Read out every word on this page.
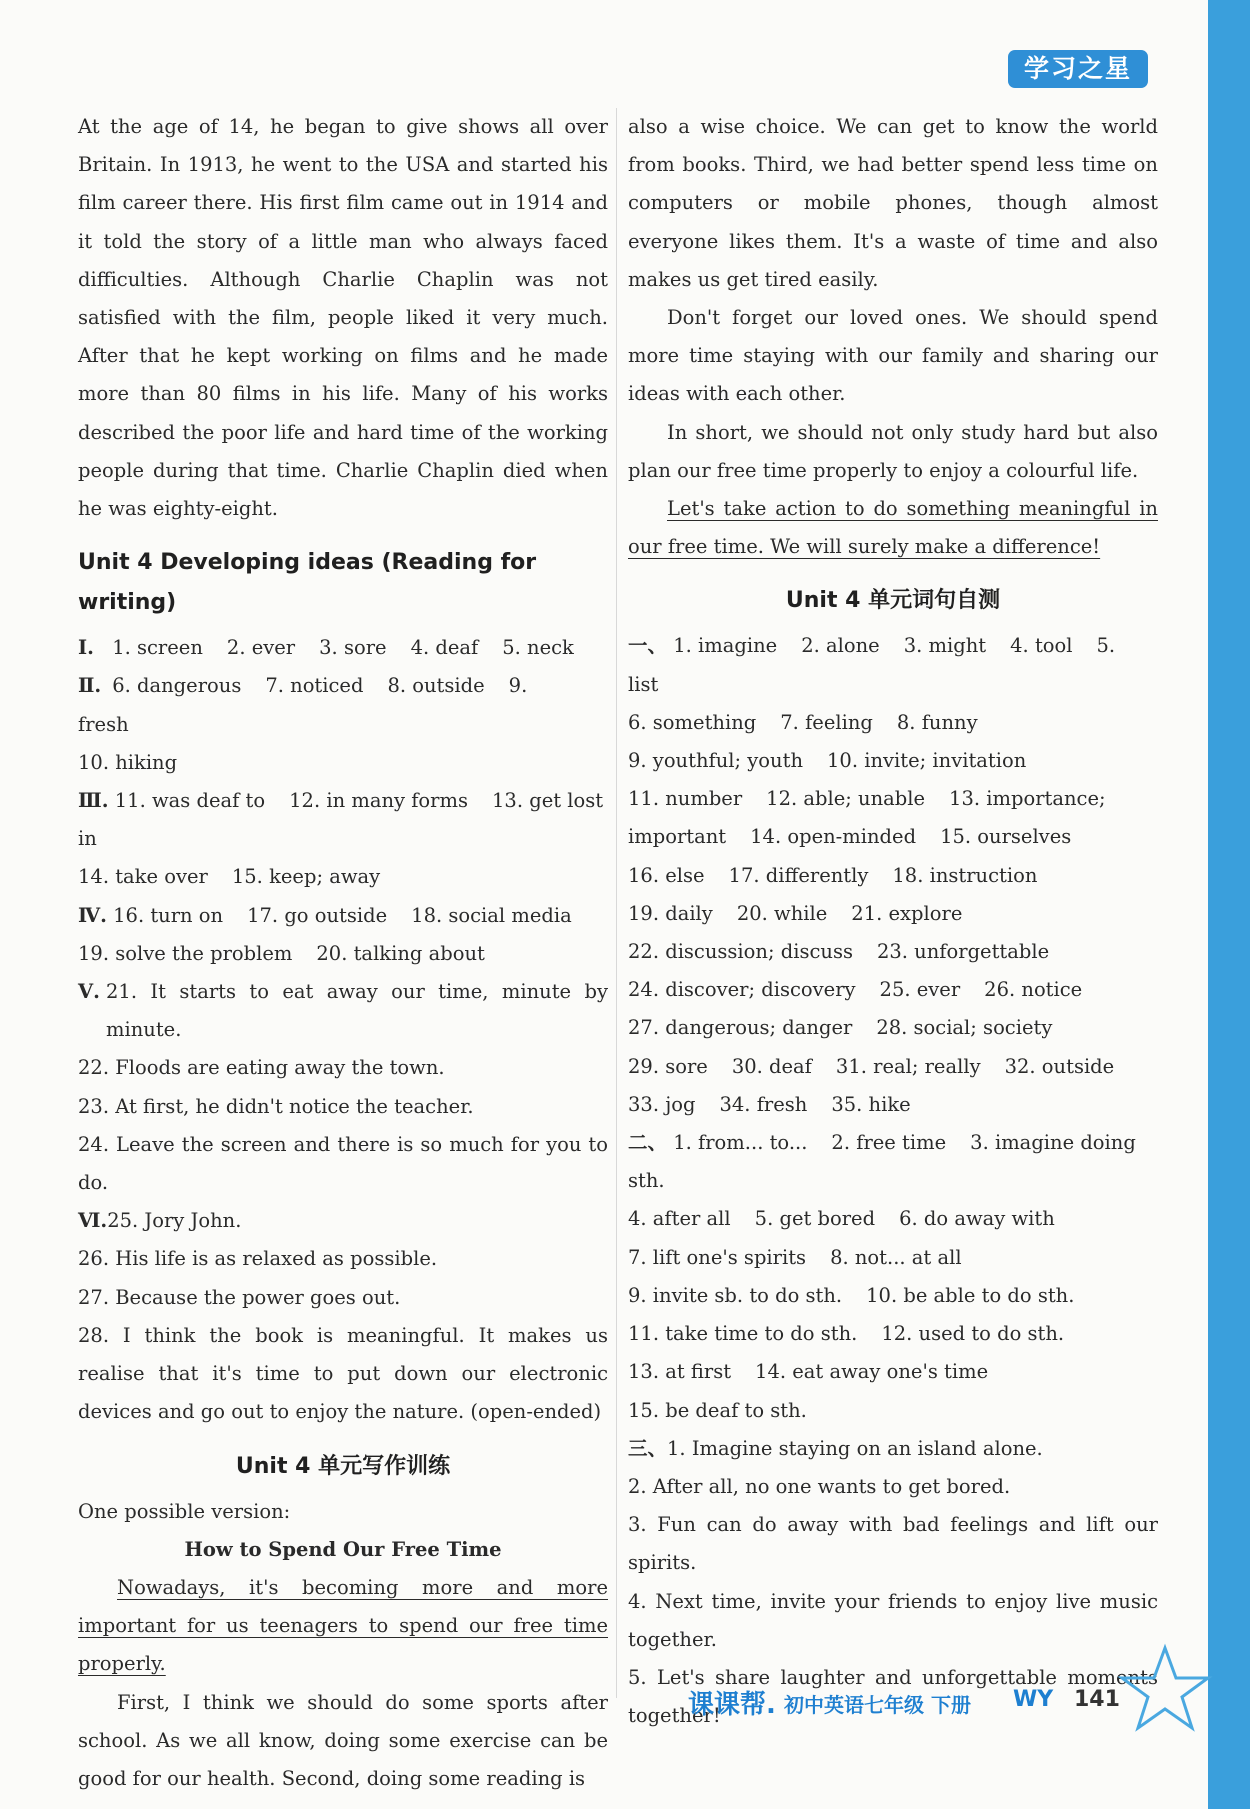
学习之星

At the age of 14, he began to give shows all over Britain. In 1913, he went to the USA and started his film career there. His first film came out in 1914 and it told the story of a little man who always faced difficulties. Although Charlie Chaplin was not satisfied with the film, people liked it very much. After that he kept working on films and he made more than 80 films in his life. Many of his works described the poor life and hard time of the working people during that time. Charlie Chaplin died when he was eighty-eight.

Unit 4 Developing ideas (Reading for writing)
Ⅰ. 1. screen 2. ever 3. sore 4. deaf 5. neck
Ⅱ. 6. dangerous 7. noticed 8. outside 9. fresh
10. hiking
Ⅲ. 11. was deaf to 12. in many forms 13. get lost in
14. take over 15. keep; away
Ⅳ. 16. turn on 17. go outside 18. social media
19. solve the problem 20. talking about
Ⅴ. 21. It starts to eat away our time, minute by minute.

22. Floods are eating away the town.
23. At first, he didn't notice the teacher.

24. Leave the screen and there is so much for you to do.

Ⅵ. 25. Jory John.
26. His life is as relaxed as possible.
27. Because the power goes out.

28. I think the book is meaningful. It makes us realise that it's time to put down our electronic devices and go out to enjoy the nature. (open-ended)

Unit 4 单元写作训练

One possible version:

How to Spend Our Free Time

Nowadays, it's becoming more and more important for us teenagers to spend our free time properly.

First, I think we should do some sports after school. As we all know, doing some exercise can be good for our health. Second, doing some reading is

also a wise choice. We can get to know the world from books. Third, we had better spend less time on computers or mobile phones, though almost everyone likes them. It's a waste of time and also makes us get tired easily.

Don't forget our loved ones. We should spend more time staying with our family and sharing our ideas with each other.

In short, we should not only study hard but also plan our free time properly to enjoy a colourful life.

Let's take action to do something meaningful in our free time. We will surely make a difference!

Unit 4 单元词句自测
一、 1. imagine 2. alone 3. might 4. tool 5. list
6. something 7. feeling 8. funny
9. youthful; youth 10. invite; invitation
11. number 12. able; unable 13. importance;
important 14. open-minded 15. ourselves
16. else 17. differently 18. instruction
19. daily 20. while 21. explore
22. discussion; discuss 23. unforgettable
24. discover; discovery 25. ever 26. notice
27. dangerous; danger 28. social; society
29. sore 30. deaf 31. real; really 32. outside
33. jog 34. fresh 35. hike
二、 1. from... to... 2. free time 3. imagine doing sth.
4. after all 5. get bored 6. do away with
7. lift one's spirits 8. not... at all
9. invite sb. to do sth. 10. be able to do sth.
11. take time to do sth. 12. used to do sth.
13. at first 14. eat away one's time
15. be deaf to sth.
三、 1. Imagine staying on an island alone.

2. After all, no one wants to get bored.

3. Fun can do away with bad feelings and lift our spirits.

4. Next time, invite your friends to enjoy live music together.

5. Let's share laughter and unforgettable moments together!

课课帮. 初中英语七年级 下册 WY 141
